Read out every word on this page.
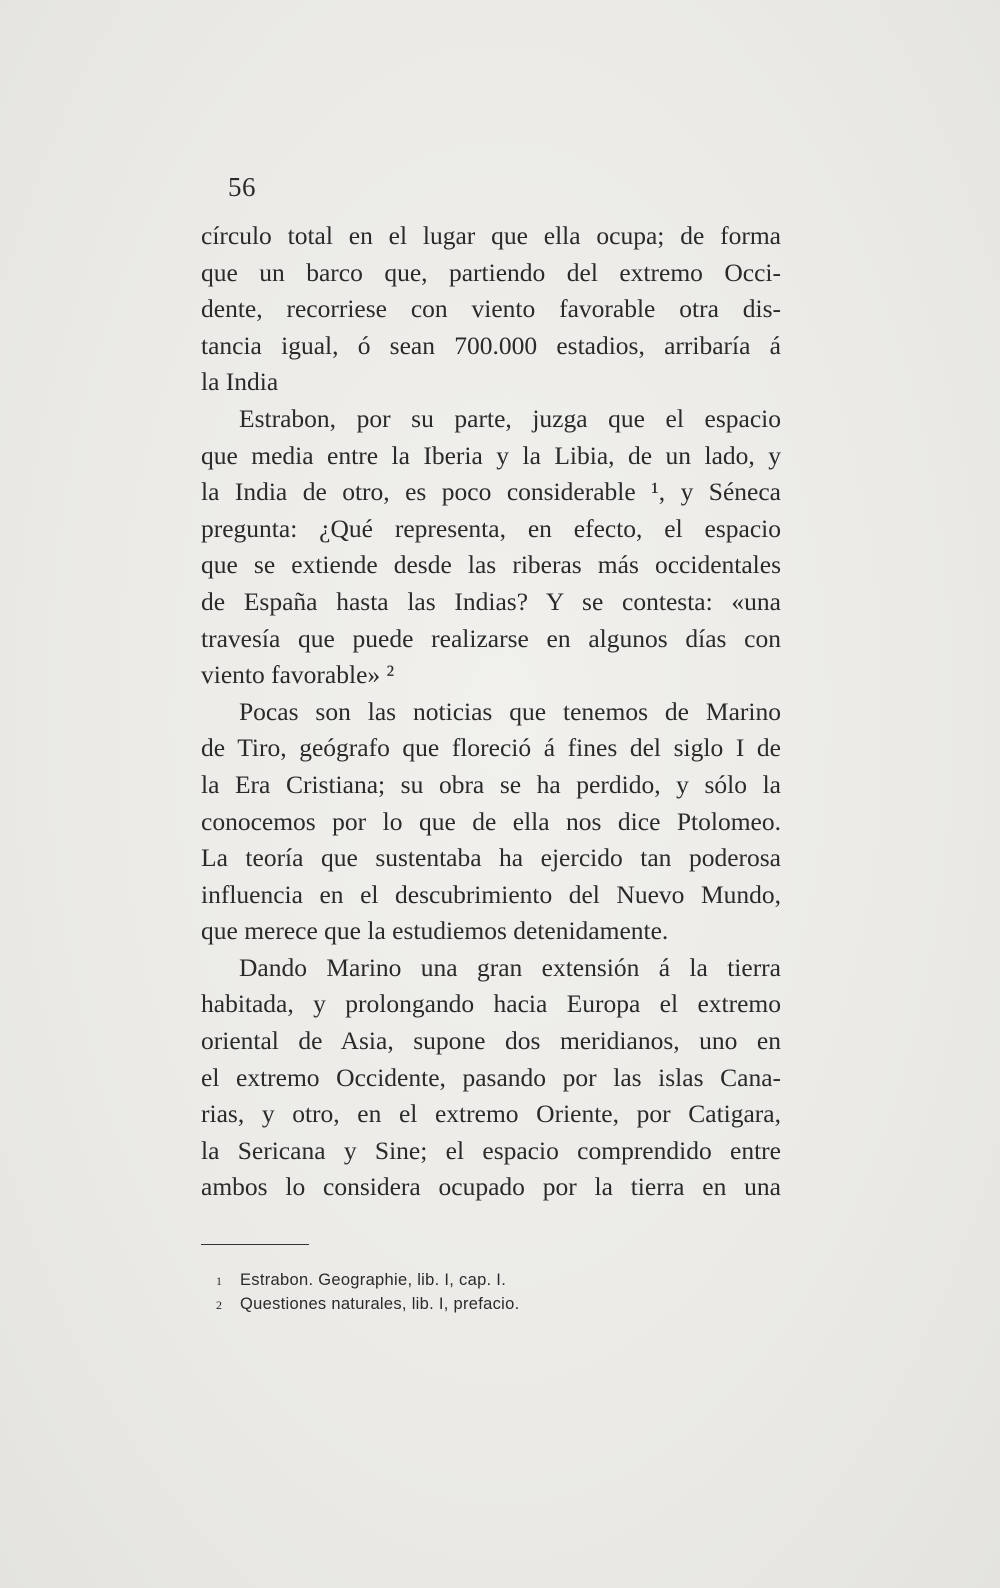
56
círculo total en el lugar que ella ocupa; de forma
que un barco que, partiendo del extremo Occi-
dente, recorriese con viento favorable otra dis-
tancia igual, ó sean 700.000 estadios, arribaría á
la India
Estrabon, por su parte, juzga que el espacio
que media entre la Iberia y la Libia, de un lado, y
la India de otro, es poco considerable ¹, y Séneca
pregunta: ¿Qué representa, en efecto, el espacio
que se extiende desde las riberas más occidentales
de España hasta las Indias? Y se contesta: «una
travesía que puede realizarse en algunos días con
viento favorable» ²
Pocas son las noticias que tenemos de Marino
de Tiro, geógrafo que floreció á fines del siglo I de
la Era Cristiana; su obra se ha perdido, y sólo la
conocemos por lo que de ella nos dice Ptolomeo.
La teoría que sustentaba ha ejercido tan poderosa
influencia en el descubrimiento del Nuevo Mundo,
que merece que la estudiemos detenidamente.
Dando Marino una gran extensión á la tierra
habitada, y prolongando hacia Europa el extremo
oriental de Asia, supone dos meridianos, uno en
el extremo Occidente, pasando por las islas Cana-
rias, y otro, en el extremo Oriente, por Catigara,
la Sericana y Sine; el espacio comprendido entre
ambos lo considera ocupado por la tierra en una
1 Estrabon. Geographie, lib. I, cap. I.
2 Questiones naturales, lib. I, prefacio.
